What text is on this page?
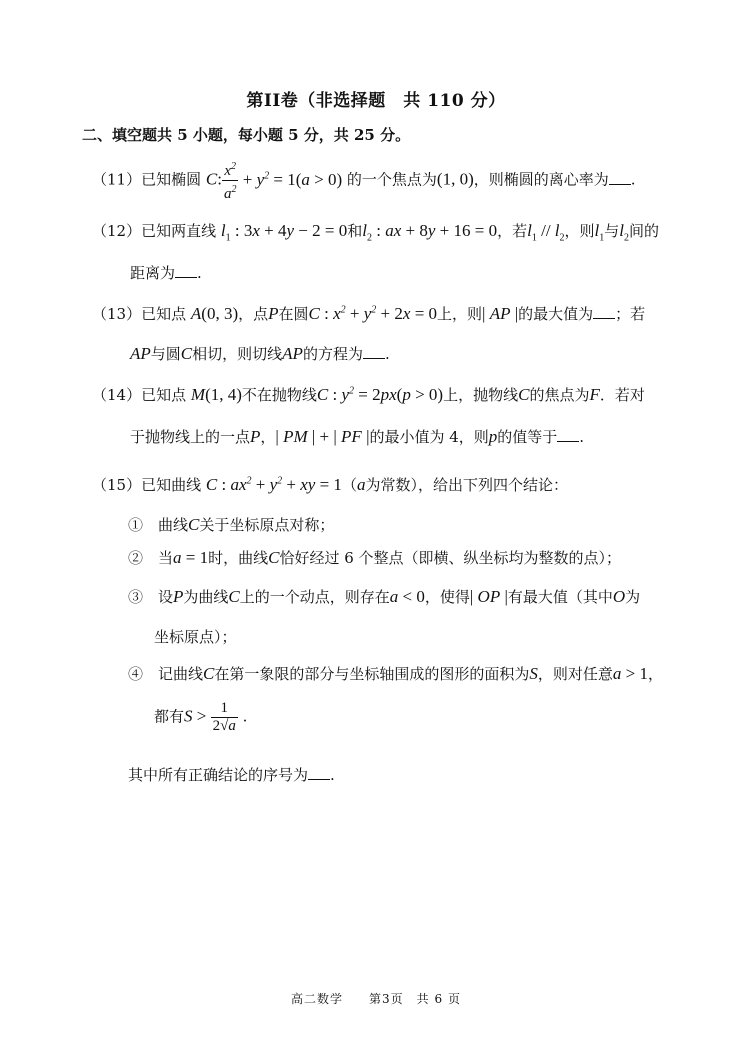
第II卷（非选择题　共 110 分）
二、填空题共 5 小题，每小题 5 分，共 25 分。
（11）已知椭圆 C: $\frac{x^2}{a^2} + y^2 = 1(a > 0)$ 的一个焦点为(1, 0)，则椭圆的离心率为 .
（12）已知两直线 $l_1$ : 3x + 4y − 2 = 0和$l_2$ : ax + 8y + 16 = 0，若$l_1 // l_2$，则$l_1$与$l_2$间的
距离为 .
（13）已知点 A(0, 3)，点P在圆C : $x^2 + y^2 + 2x = 0$上，则| AP |的最大值为 ；若
AP与圆C相切，则切线AP的方程为 .
（14）已知点 M(1, 4)不在抛物线C : $y^2 = 2px(p > 0)$上，抛物线C的焦点为F．若对
于抛物线上的一点P，| PM | + | PF |的最小值为 4，则p的值等于 .
（15）已知曲线 C : $ax^2 + y^2$ + xy = 1（a为常数），给出下列四个结论：
①　曲线C关于坐标原点对称；
②　当a = 1时，曲线C恰好经过 6 个整点（即横、纵坐标均为整数的点）；
③　设P为曲线C上的一个动点，则存在a < 0，使得| OP |有最大值（其中O为
坐标原点）；
④　记曲线C在第一象限的部分与坐标轴围成的图形的面积为S，则对任意a > 1，
都有$S > \frac{1}{2√a}$ .
其中所有正确结论的序号为 .
高二数学　　第3页　共 6 页
